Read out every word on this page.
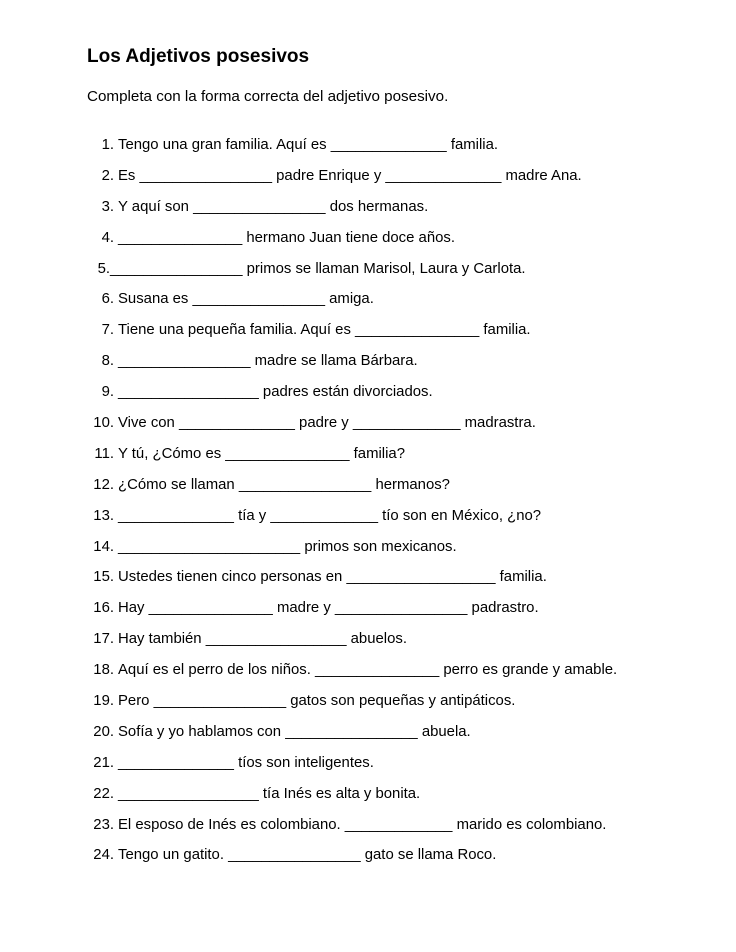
Los Adjetivos posesivos
Completa con la forma correcta del adjetivo posesivo.
1. Tengo una gran familia. Aquí es ______________ familia.
2. Es ________________ padre Enrique y ______________ madre Ana.
3. Y aquí son ________________ dos hermanas.
4. _______________ hermano Juan tiene doce años.
5.________________ primos se llaman Marisol, Laura y Carlota.
6. Susana es ________________ amiga.
7. Tiene una pequeña familia. Aquí es _______________ familia.
8. ________________ madre se llama Bárbara.
9. _________________ padres están divorciados.
10. Vive con ______________ padre y _____________ madrastra.
11. Y tú, ¿Cómo es _______________ familia?
12. ¿Cómo se llaman ________________ hermanos?
13. ______________ tía y _____________ tío son en México, ¿no?
14. ______________________ primos son mexicanos.
15. Ustedes tienen cinco personas en __________________ familia.
16. Hay _______________ madre y ________________ padrastro.
17. Hay también _________________ abuelos.
18. Aquí es el perro de los niños. _______________ perro es grande y amable.
19. Pero ________________ gatos son pequeñas y antipáticos.
20. Sofía y yo hablamos con ________________ abuela.
21. ______________ tíos son inteligentes.
22. _________________ tía Inés es alta y bonita.
23. El esposo de Inés es colombiano. _____________ marido es colombiano.
24. Tengo un gatito. ________________ gato se llama Roco.
